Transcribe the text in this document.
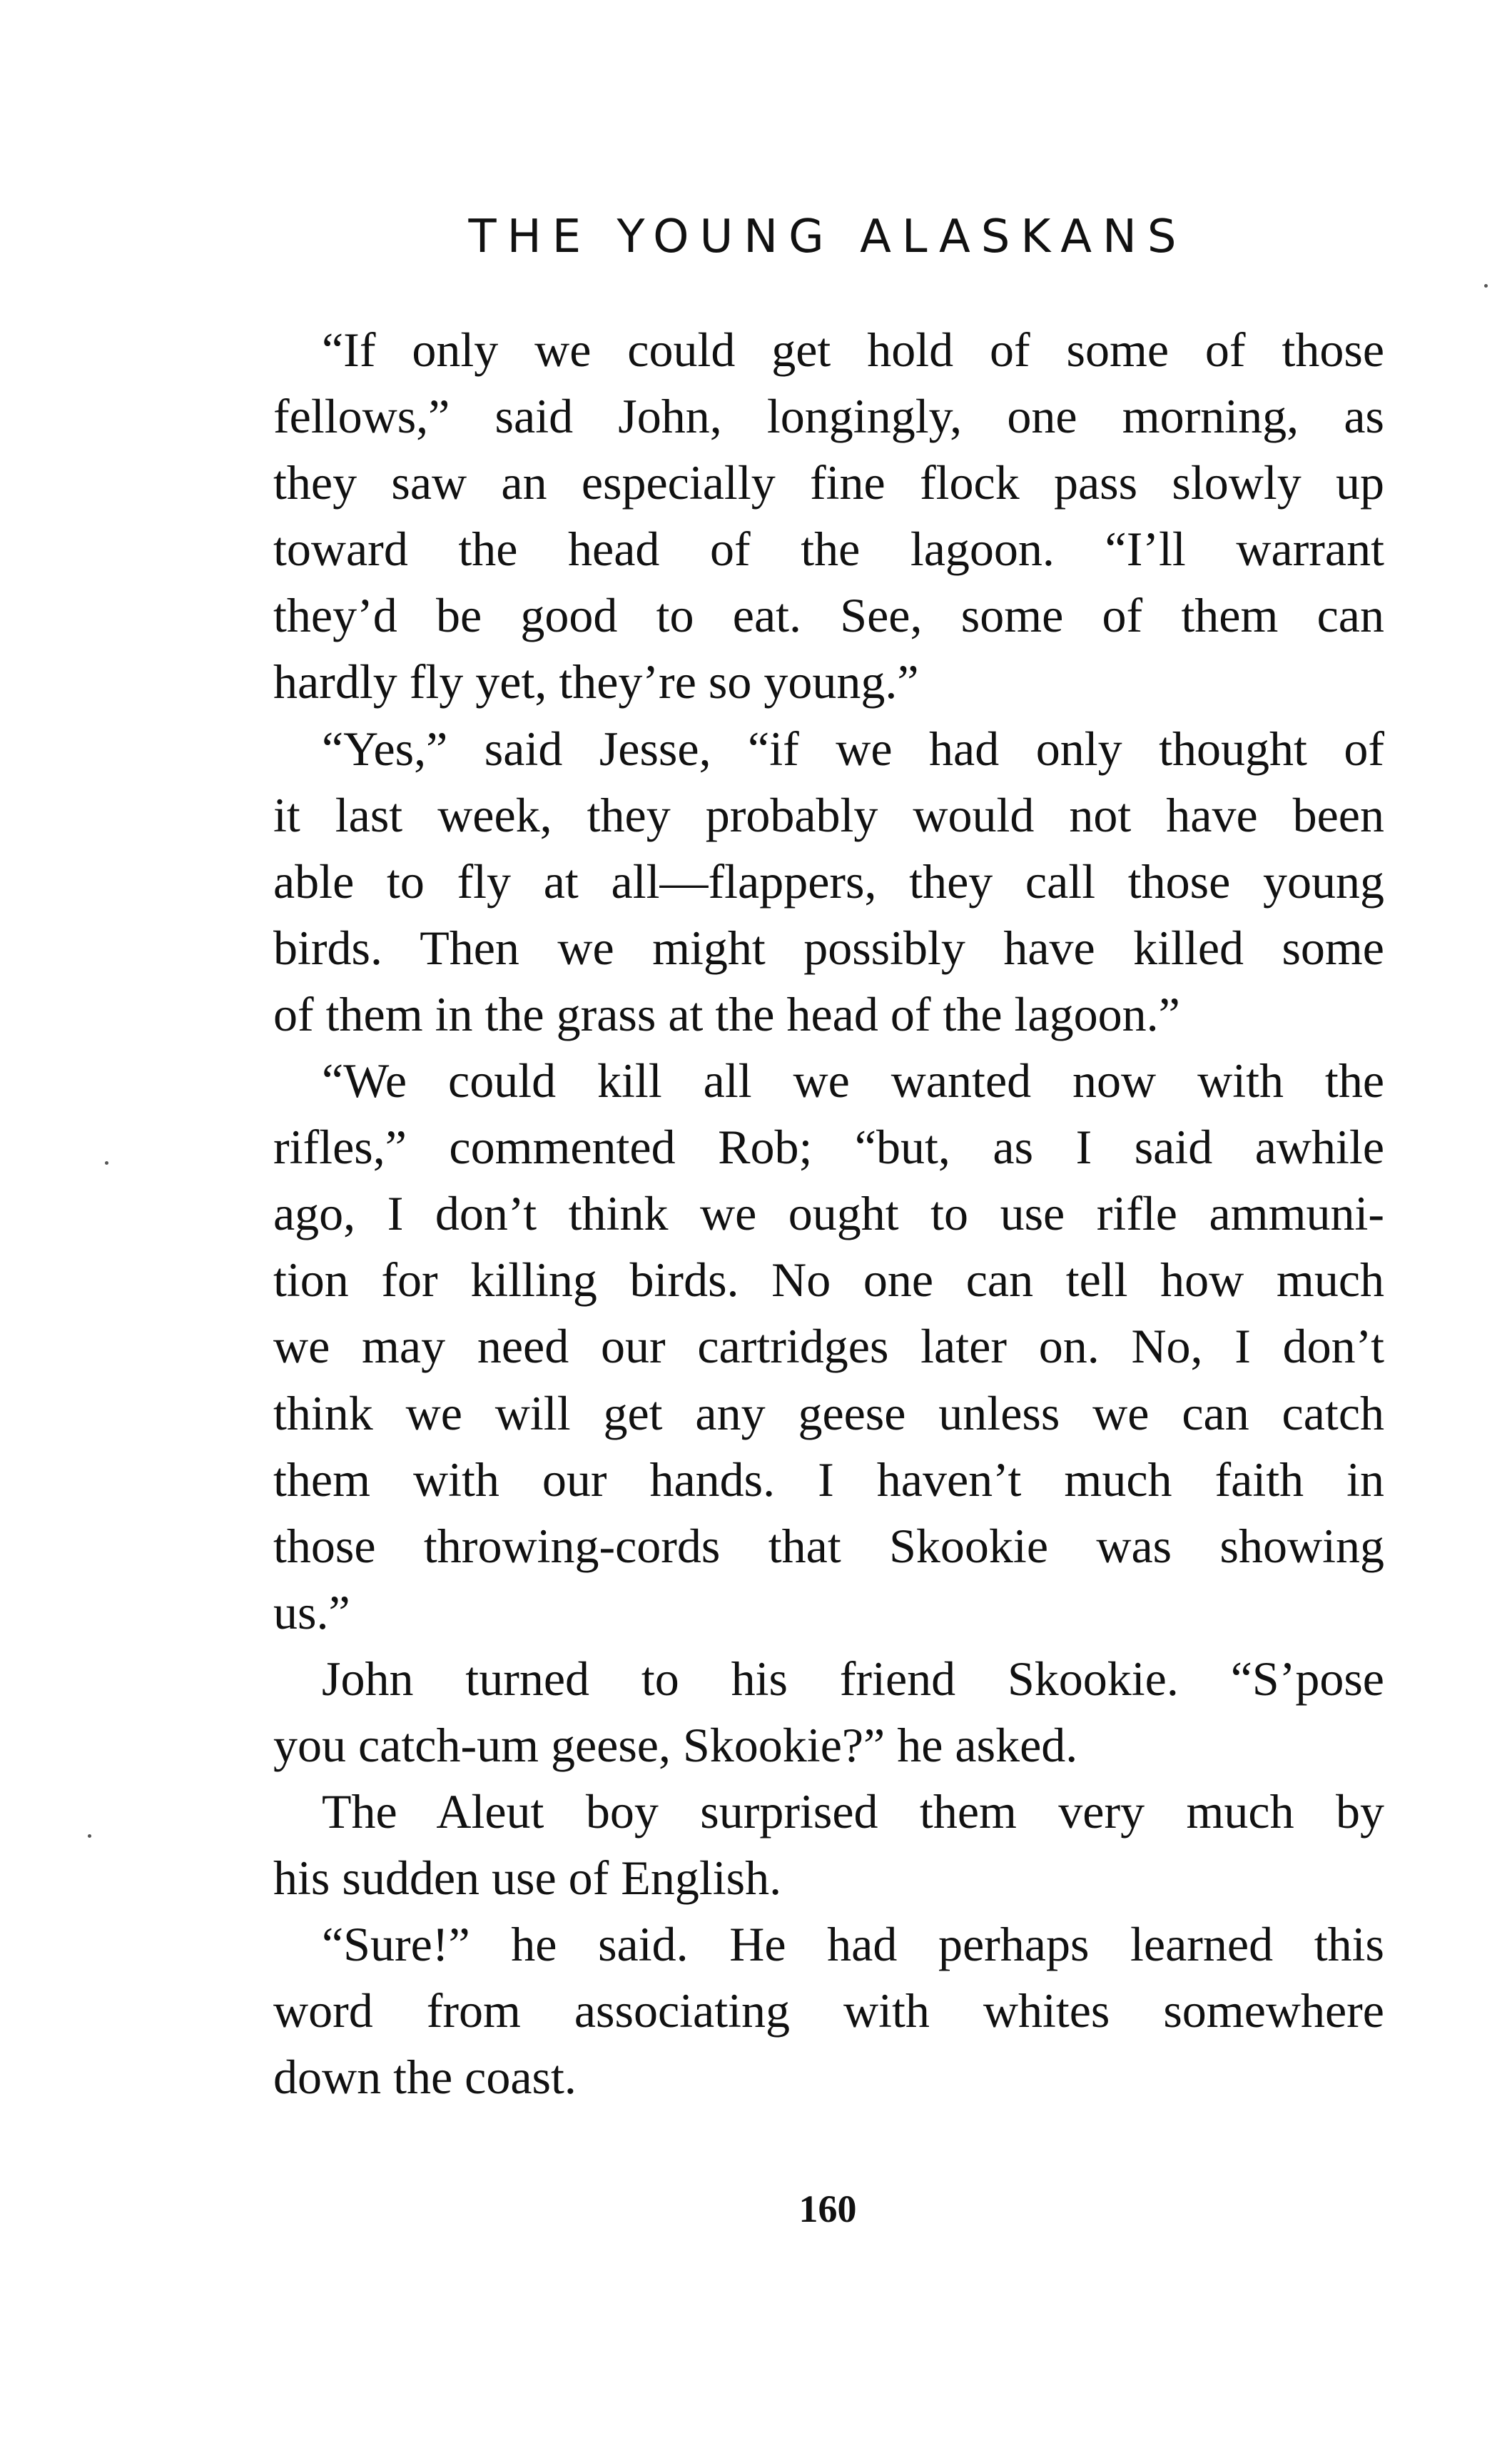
THE YOUNG ALASKANS
“If only we could get hold of some of those
fellows,” said John, longingly, one morning, as
they saw an especially fine flock pass slowly up
toward the head of the lagoon. “I’ll warrant
they’d be good to eat. See, some of them can
hardly fly yet, they’re so young.”
“Yes,” said Jesse, “if we had only thought of
it last week, they probably would not have been
able to fly at all—flappers, they call those young
birds. Then we might possibly have killed some
of them in the grass at the head of the lagoon.”
“We could kill all we wanted now with the
rifles,” commented Rob; “but, as I said awhile
ago, I don’t think we ought to use rifle ammuni-
tion for killing birds. No one can tell how much
we may need our cartridges later on. No, I don’t
think we will get any geese unless we can catch
them with our hands. I haven’t much faith in
those throwing-cords that Skookie was showing
us.”
John turned to his friend Skookie. “S’pose
you catch-um geese, Skookie?” he asked.
The Aleut boy surprised them very much by
his sudden use of English.
“Sure!” he said. He had perhaps learned this
word from associating with whites somewhere
down the coast.
160
